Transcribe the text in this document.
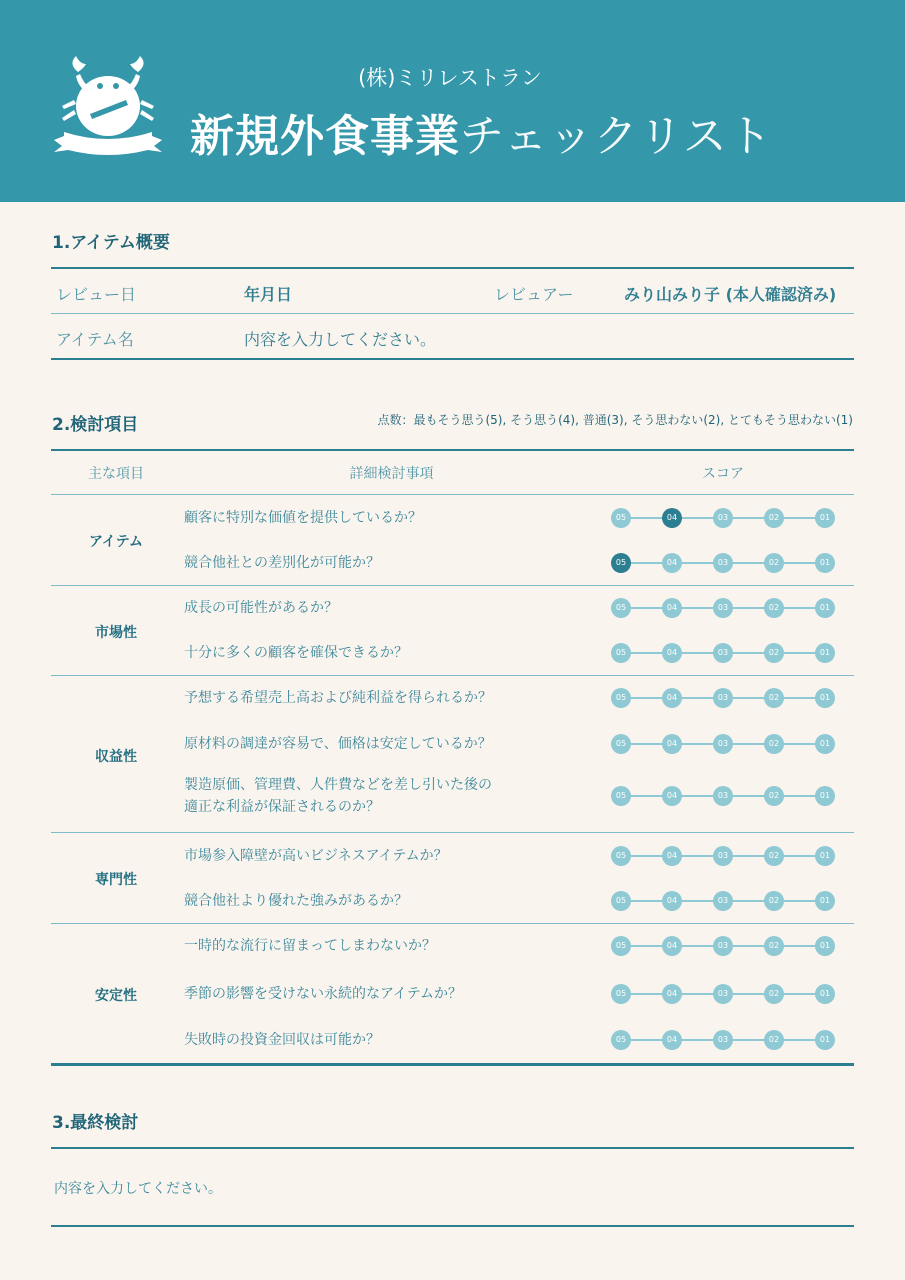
(株)ミリレストラン
新規外食事業チェックリスト
1.アイテム概要
レビュー日	年月日	レビュアー	みり山みり子 (本人確認済み)
アイテム名	内容を入力してください。
2.検討項目	点数：最もそう思う(5), そう思う(4), 普通(3), そう思わない(2), とてもそう思わない(1)
主な項目	詳細検討事項	スコア
アイテム
顧客に特別な価値を提供しているか？	05	04	03	02	01
競合他社との差別化が可能か？	05	04	03	02	01
市場性
成長の可能性があるか？	05	04	03	02	01
十分に多くの顧客を確保できるか？	05	04	03	02	01
収益性
予想する希望売上高および純利益を得られるか？	05	04	03	02	01
原材料の調達が容易で、価格は安定しているか？	05	04	03	02	01
製造原価、管理費、人件費などを差し引いた後の
適正な利益が保証されるのか？
05	04	03	02	01
専門性
市場参入障壁が高いビジネスアイテムか？	05	04	03	02	01
競合他社より優れた強みがあるか？	05	04	03	02	01
安定性
一時的な流行に留まってしまわないか？	05	04	03	02	01
季節の影響を受けない永続的なアイテムか？	05	04	03	02	01
失敗時の投資金回収は可能か？	05	04	03	02	01
3.最終検討
内容を入力してください。
